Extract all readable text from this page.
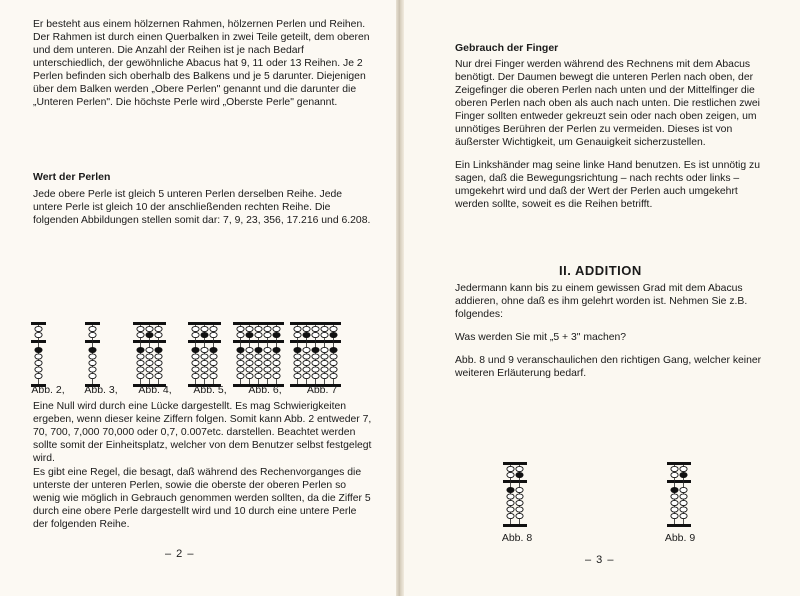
Er besteht aus einem hölzernen Rahmen, hölzernen Perlen und Reihen. Der Rahmen ist durch einen Querbalken in zwei Teile geteilt, dem oberen und dem unteren. Die Anzahl der Reihen ist je nach Bedarf unterschiedlich, der gewöhnliche Abacus hat 9, 11 oder 13 Reihen. Je 2 Perlen befinden sich oberhalb des Balkens und je 5 darunter. Diejenigen über dem Balken werden „Obere Perlen" genannt und die darunter die „Unteren Perlen". Die höchste Perle wird „Oberste Perle" genannt.

Wert der Perlen

Jede obere Perle ist gleich 5 unteren Perlen derselben Reihe. Jede untere Perle ist gleich 10 der anschließenden rechten Reihe. Die folgenden Abbildungen stellen somit dar: 7, 9, 23, 356, 17.216 und 6.208.

Abb. 2,	Abb. 3,	Abb. 4,	Abb. 5,	Abb. 6,	Abb. 7

Eine Null wird durch eine Lücke dargestellt. Es mag Schwierigkeiten ergeben, wenn dieser keine Ziffern folgen. Somit kann Abb. 2 entweder 7, 70, 700, 7,000 70,000 oder 0,7, 0.007etc. darstellen. Beachtet werden sollte somit der Einheitsplatz, welcher von dem Benutzer selbst festgelegt wird.

Es gibt eine Regel, die besagt, daß während des Rechenvorganges die unterste der unteren Perlen, sowie die oberste der oberen Perlen so wenig wie möglich in Gebrauch genommen werden sollten, da die Ziffer 5 durch eine obere Perle dargestellt wird und 10 durch eine untere Perle der folgenden Reihe.

– 2 –
Gebrauch der Finger

Nur drei Finger werden während des Rechnens mit dem Abacus benötigt. Der Daumen bewegt die unteren Perlen nach oben, der Zeigefinger die oberen Perlen nach unten und der Mittelfinger die oberen Perlen nach oben als auch nach unten. Die restlichen zwei Finger sollten entweder gekreuzt sein oder nach oben zeigen, um unnötiges Berühren der Perlen zu vermeiden. Dieses ist von äußerster Wichtigkeit, um Genauigkeit sicherzustellen.

Ein Linkshänder mag seine linke Hand benutzen. Es ist unnötig zu sagen, daß die Bewegungsrichtung – nach rechts oder links – umgekehrt wird und daß der Wert der Perlen auch umgekehrt werden sollte, soweit es die Reihen betrifft.

II. ADDITION

Jedermann kann bis zu einem gewissen Grad mit dem Abacus addieren, ohne daß es ihm gelehrt worden ist. Nehmen Sie z.B. folgendes:

Was werden Sie mit „5 + 3" machen?

Abb. 8 und 9 veranschaulichen den richtigen Gang, welcher keiner weiteren Erläuterung bedarf.

Abb. 8	Abb. 9
– 3 –
